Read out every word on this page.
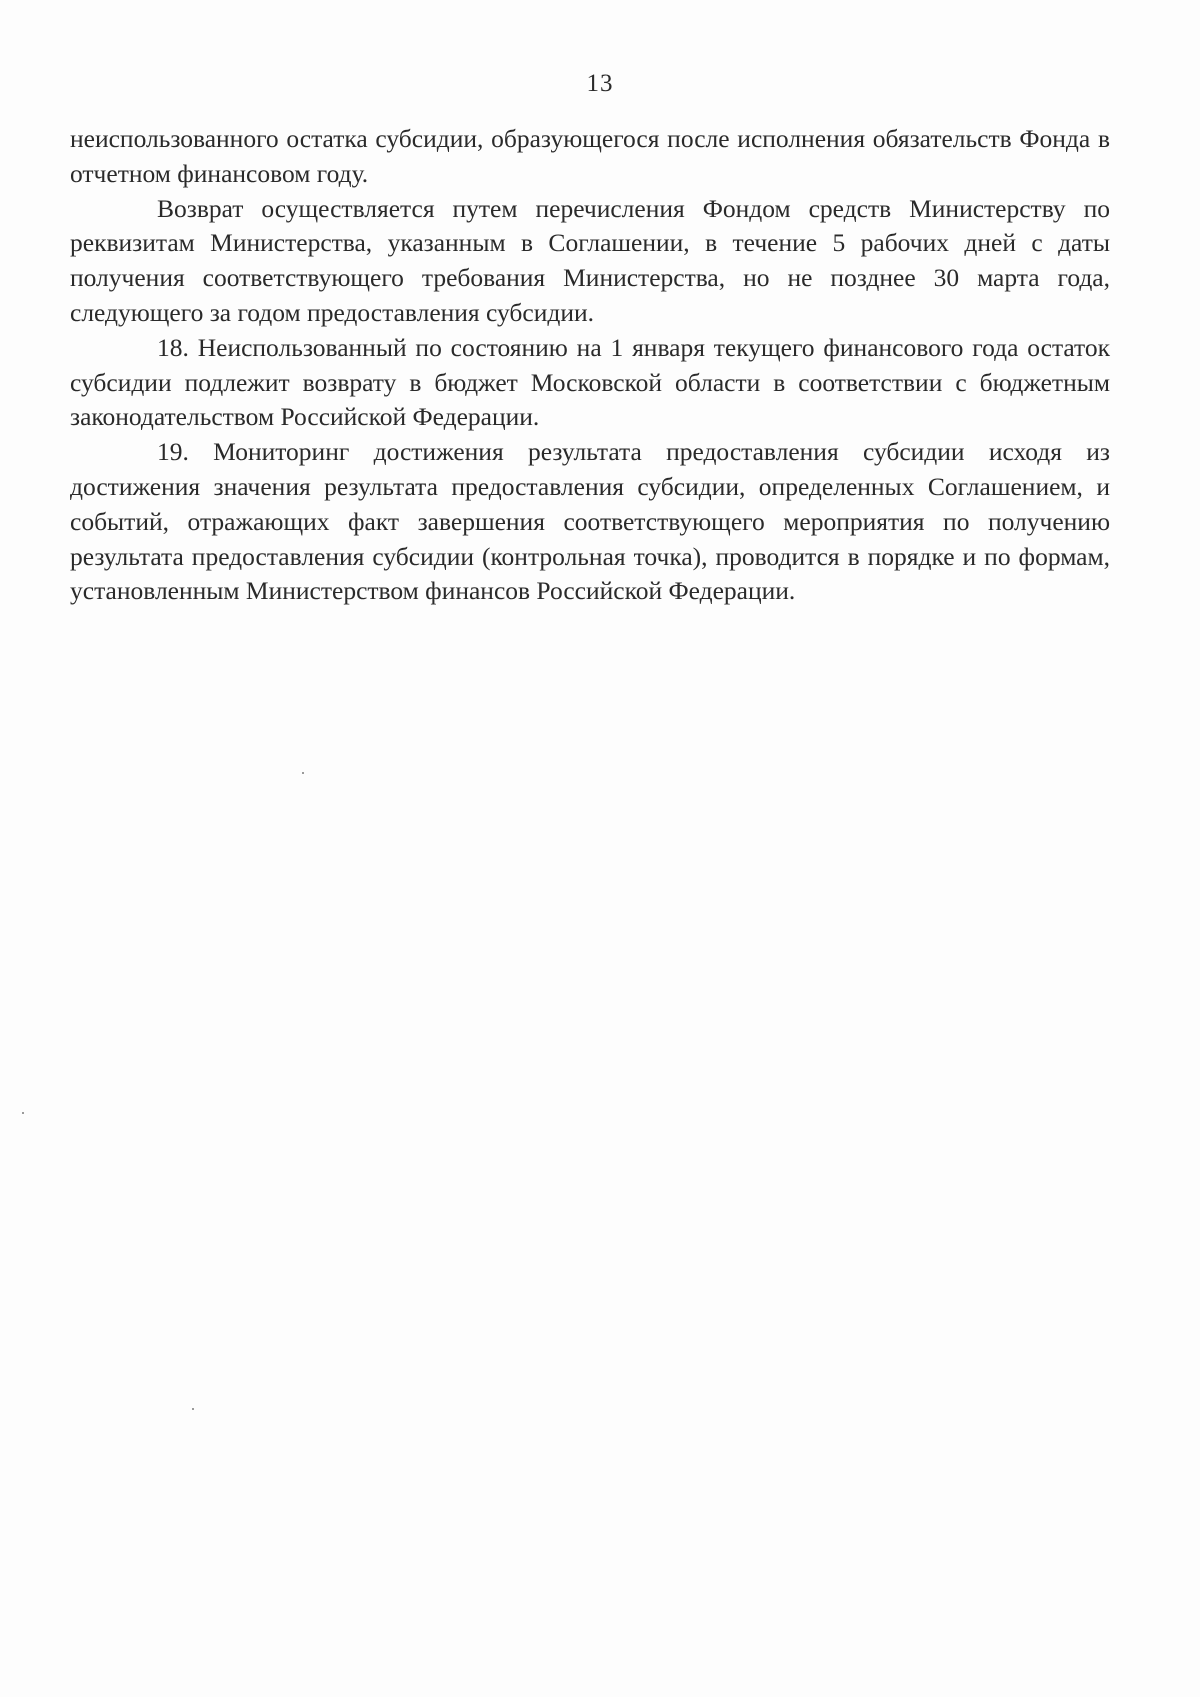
13

неиспользованного остатка субсидии, образующегося после исполнения обязательств Фонда в отчетном финансовом году.

Возврат осуществляется путем перечисления Фондом средств Министерству по реквизитам Министерства, указанным в Соглашении, в течение 5 рабочих дней с даты получения соответствующего требования Министерства, но не позднее 30 марта года, следующего за годом предоставления субсидии.

18. Неиспользованный по состоянию на 1 января текущего финансового года остаток субсидии подлежит возврату в бюджет Московской области в соответствии с бюджетным законодательством Российской Федерации.

19. Мониторинг достижения результата предоставления субсидии исходя из достижения значения результата предоставления субсидии, определенных Соглашением, и событий, отражающих факт завершения соответствующего мероприятия по получению результата предоставления субсидии (контрольная точка), проводится в порядке и по формам, установленным Министерством финансов Российской Федерации.
